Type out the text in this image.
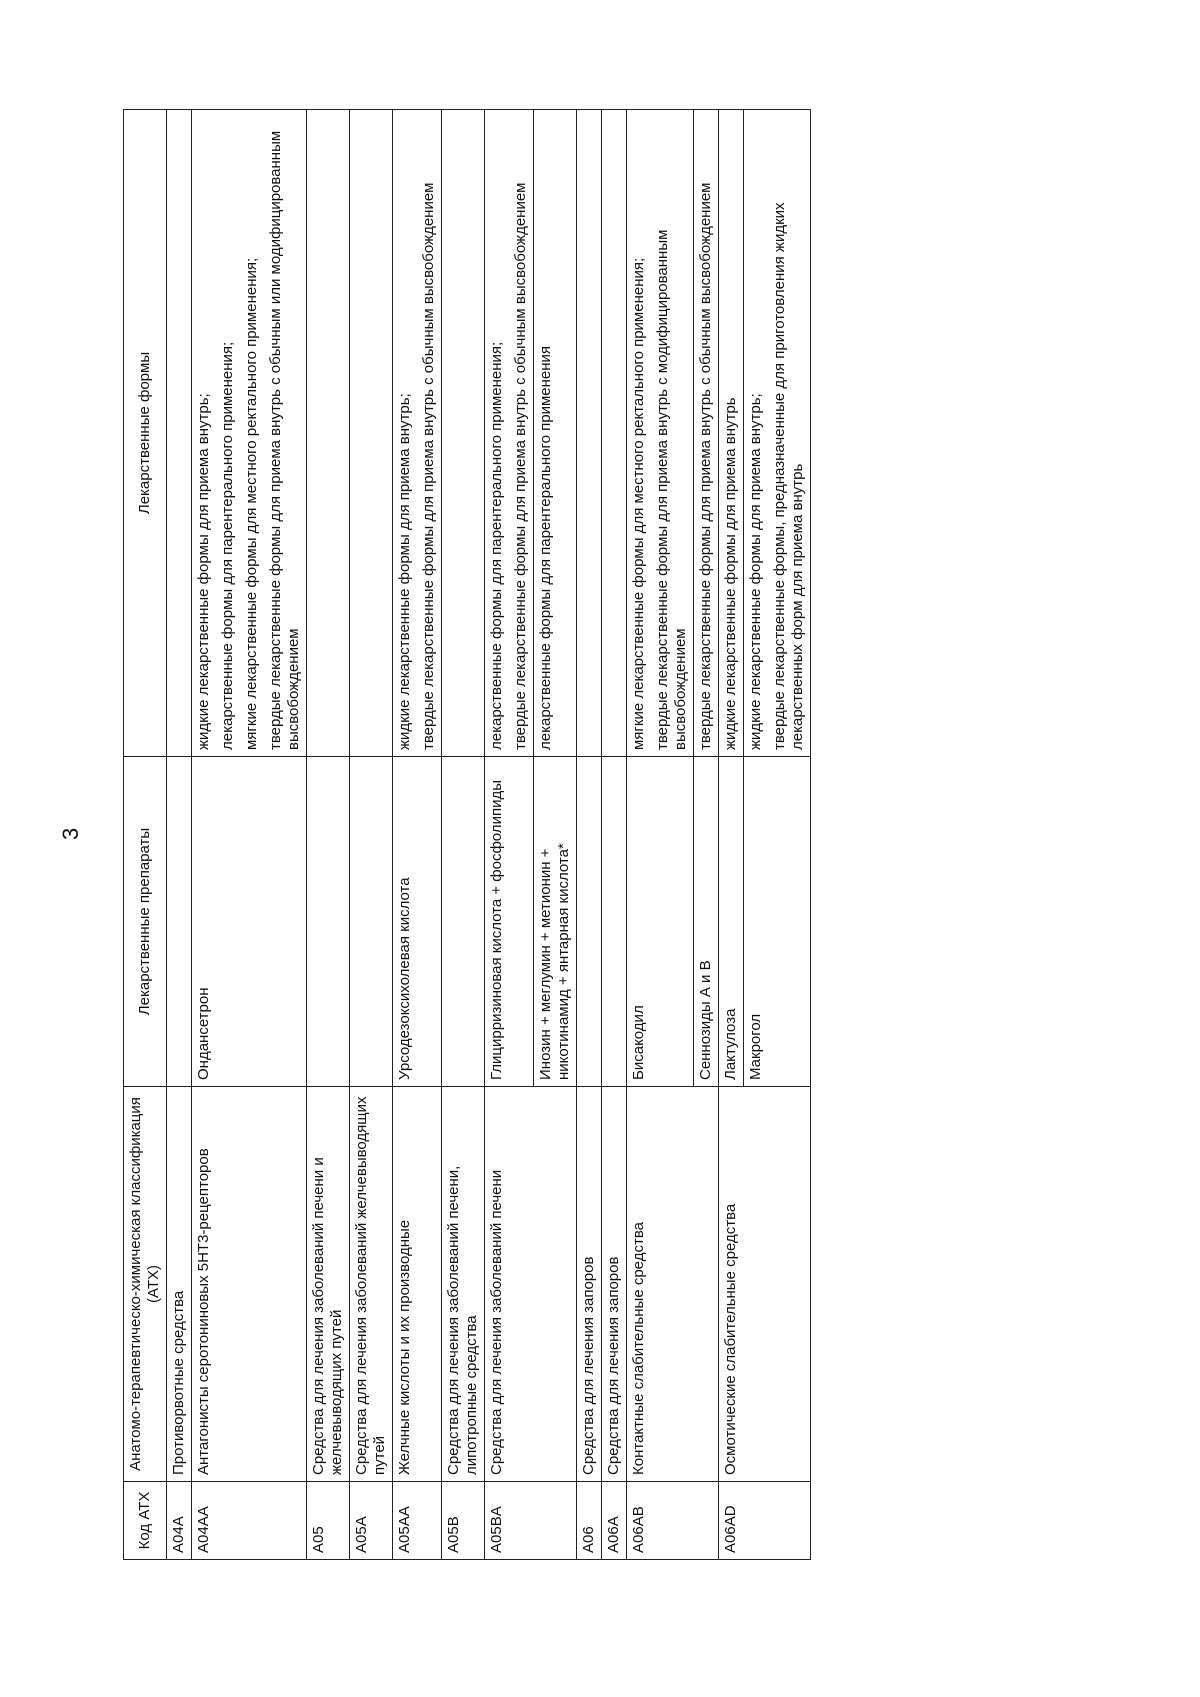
3
Код АТХ	Анатомо-терапевтическо-химическая классификация (АТХ)	Лекарственные препараты	Лекарственные формы
A04A	Противорвотные средства		
A04AA	Антагонисты серотониновых 5НТ3-рецепторов	Ондансетрон	жидкие лекарственные формы для приема внутрь; лекарственные формы для парентерального применения; мягкие лекарственные формы для местного ректального применения; твердые лекарственные формы для приема внутрь с обычным или модифицированным высвобождением

A05	Средства для лечения заболеваний печени и желчевыводящих путей		
A05A	Средства для лечения заболеваний желчевыводящих путей		
A05AA	Желчные кислоты и их производные	Урсодезоксихолевая кислота	жидкие лекарственные формы для приема внутрь; твердые лекарственные формы для приема внутрь с обычным высвобождением

A05B	Средства для лечения заболеваний печени, липотропные средства		
A05BA	Средства для лечения заболеваний печени	Глицирризиновая кислота + фосфолипиды	лекарственные формы для парентерального применения; твердые лекарственные формы для приема внутрь с обычным высвобождением

		Инозин + меглумин + метионин + никотинамид + янтарная кислота*	лекарственные формы для парентерального применения

A06	Средства для лечения запоров		
A06A	Средства для лечения запоров		
A06AB	Контактные слабительные средства	Бисакодил	мягкие лекарственные формы для местного ректального применения; твердые лекарственные формы для приема внутрь с модифицированным высвобождением

		Сеннозиды А и В	твердые лекарственные формы для приема внутрь с обычным высвобождением

A06AD	Осмотические слабительные средства	Лактулоза	жидкие лекарственные формы для приема внутрь

		Макрогол	жидкие лекарственные формы для приема внутрь; твердые лекарственные формы, предназначенные для приготовления жидких лекарственных форм для приема внутрь
